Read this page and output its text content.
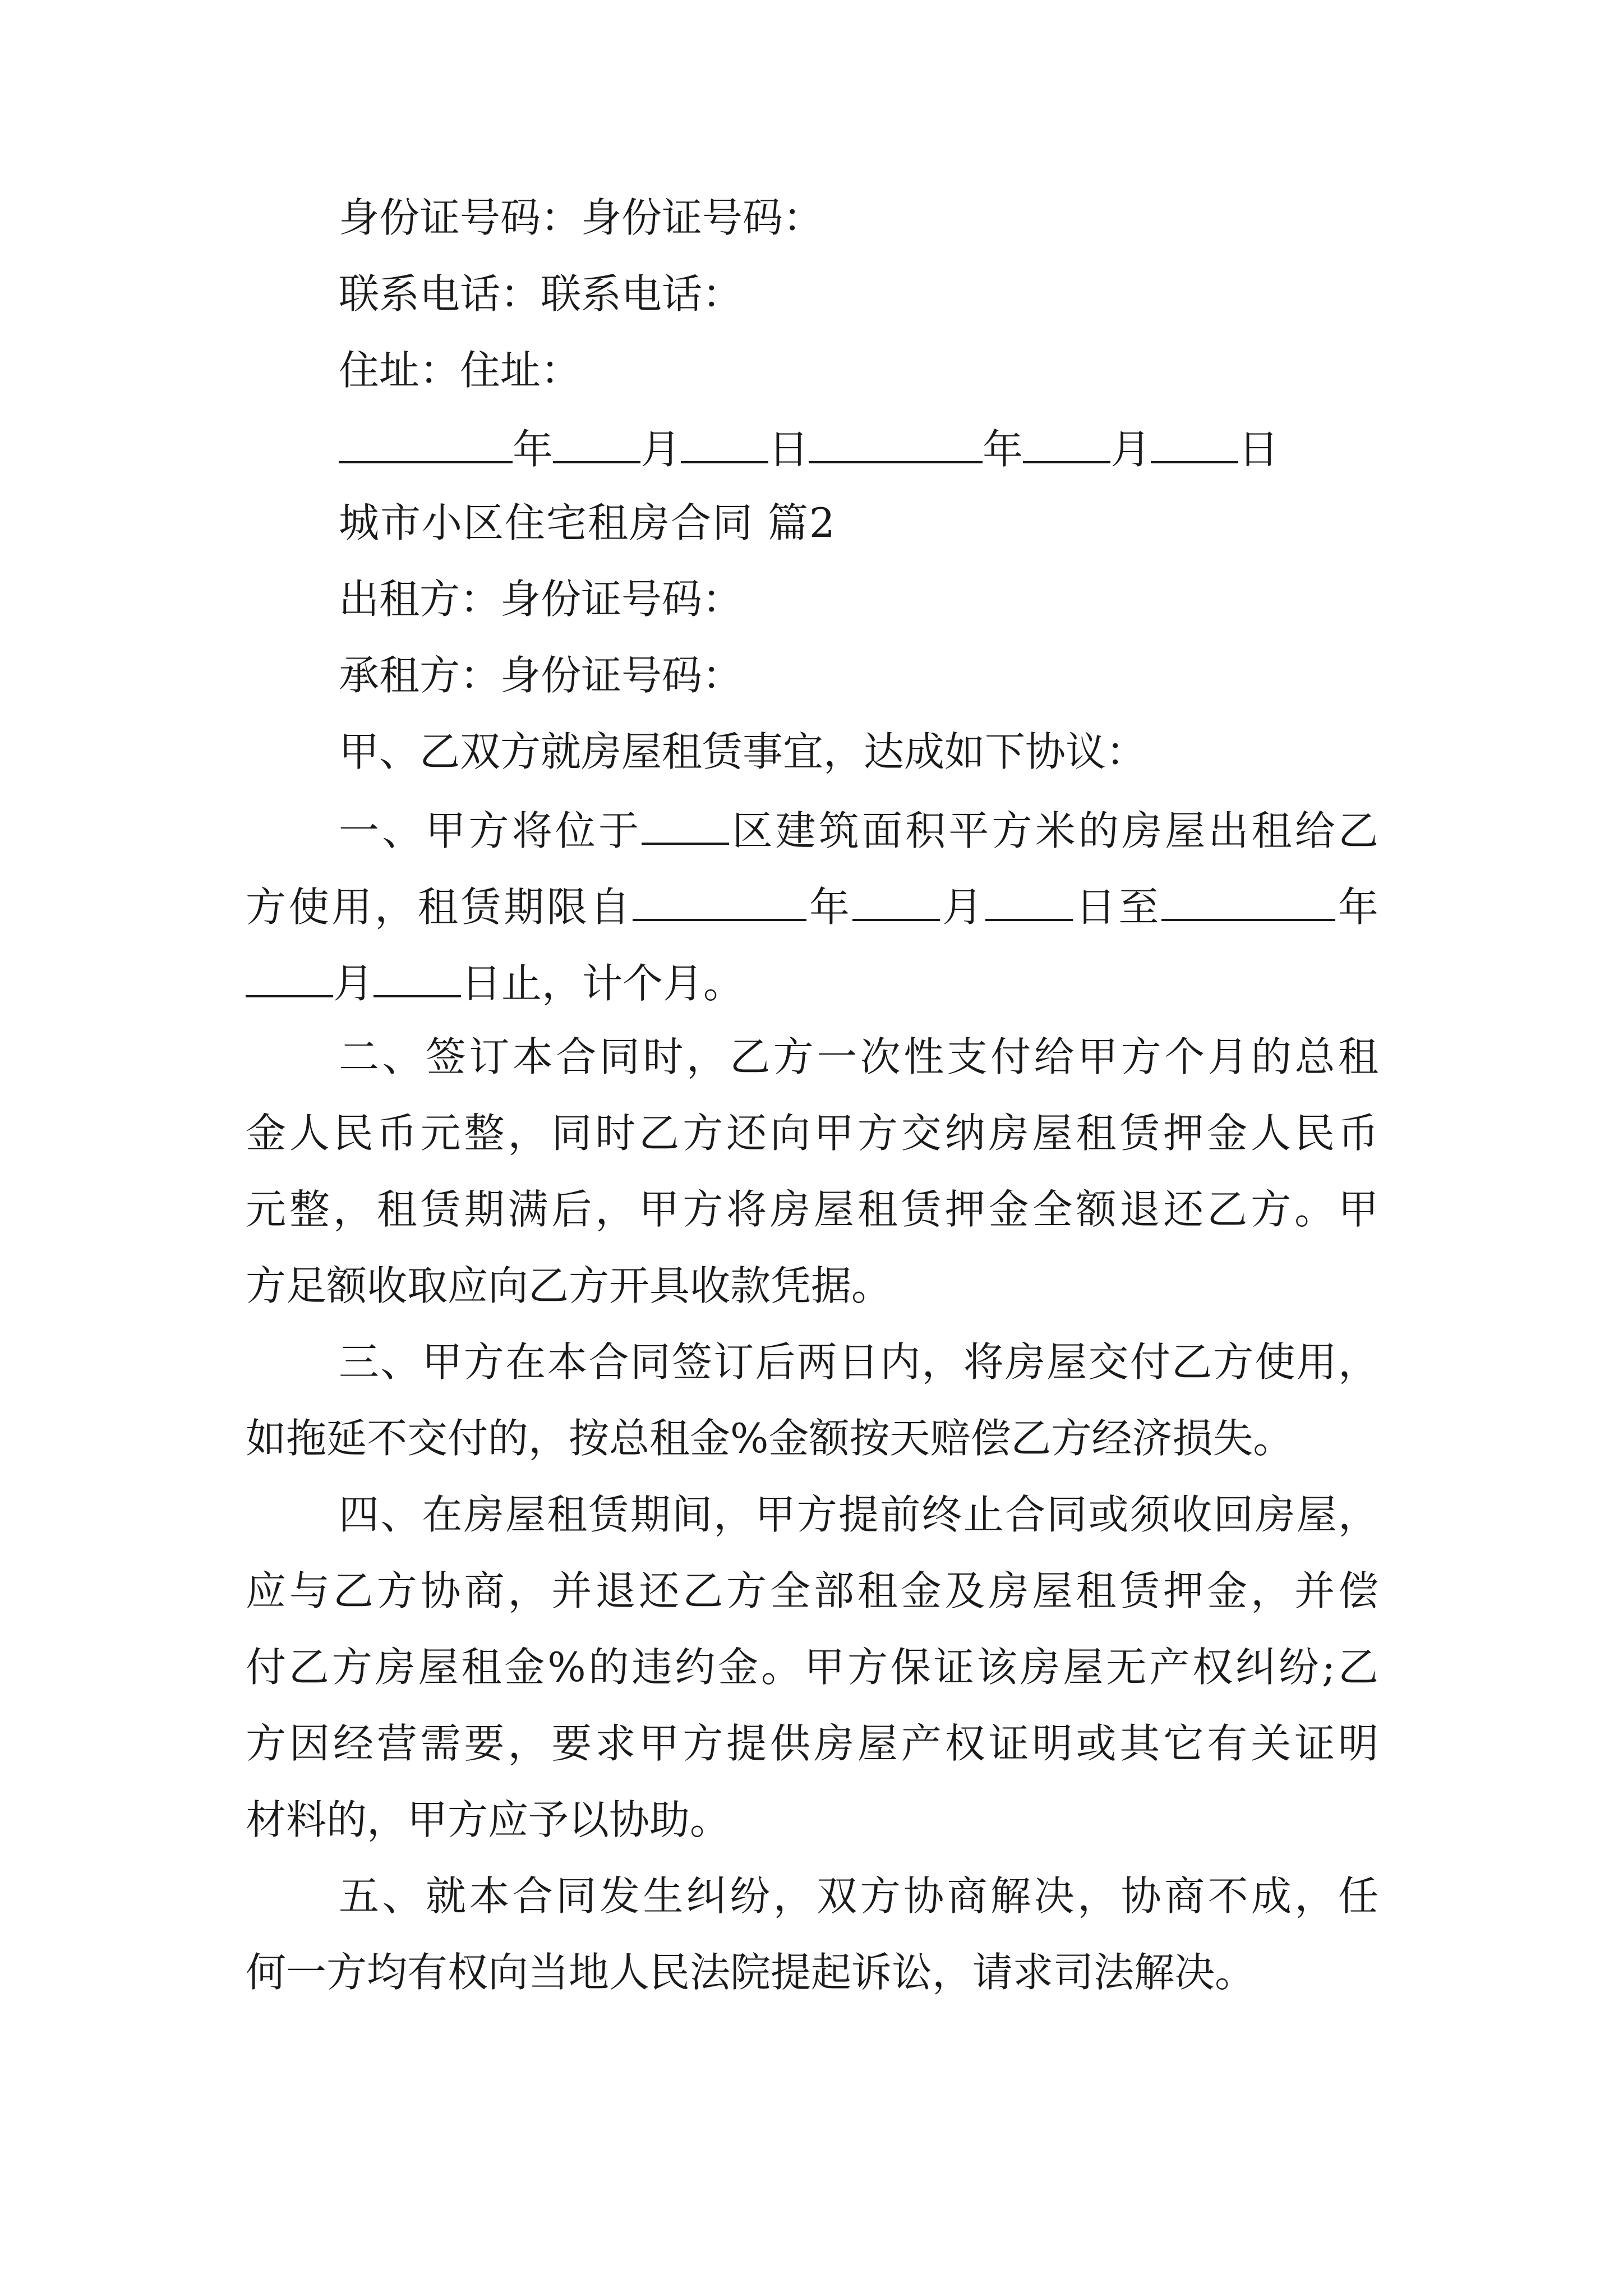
身份证号码：身份证号码：
联系电话：联系电话：
住址：住址：
年 月 日	年 月 日
城市小区住宅租房合同 篇2
出租方：身份证号码：
承租方：身份证号码：
甲、乙双方就房屋租赁事宜，达成如下协议：
一、甲方将位于 区建筑面积平方米的房屋出租给乙
方使用，租赁期限自	年 月 日至	年
月 日止，计个月。
二、签订本合同时，乙方一次性支付给甲方个月的总租
金人民币元整，同时乙方还向甲方交纳房屋租赁押金人民币
元整，租赁期满后，甲方将房屋租赁押金全额退还乙方。甲
方足额收取应向乙方开具收款凭据。
三、甲方在本合同签订后两日内，将房屋交付乙方使用，
如拖延不交付的，按总租金%金额按天赔偿乙方经济损失。
四、在房屋租赁期间，甲方提前终止合同或须收回房屋，
应与乙方协商，并退还乙方全部租金及房屋租赁押金，并偿
付乙方房屋租金%的违约金。甲方保证该房屋无产权纠纷;乙
方因经营需要，要求甲方提供房屋产权证明或其它有关证明
材料的，甲方应予以协助。
五、就本合同发生纠纷，双方协商解决，协商不成，任
何一方均有权向当地人民法院提起诉讼，请求司法解决。
